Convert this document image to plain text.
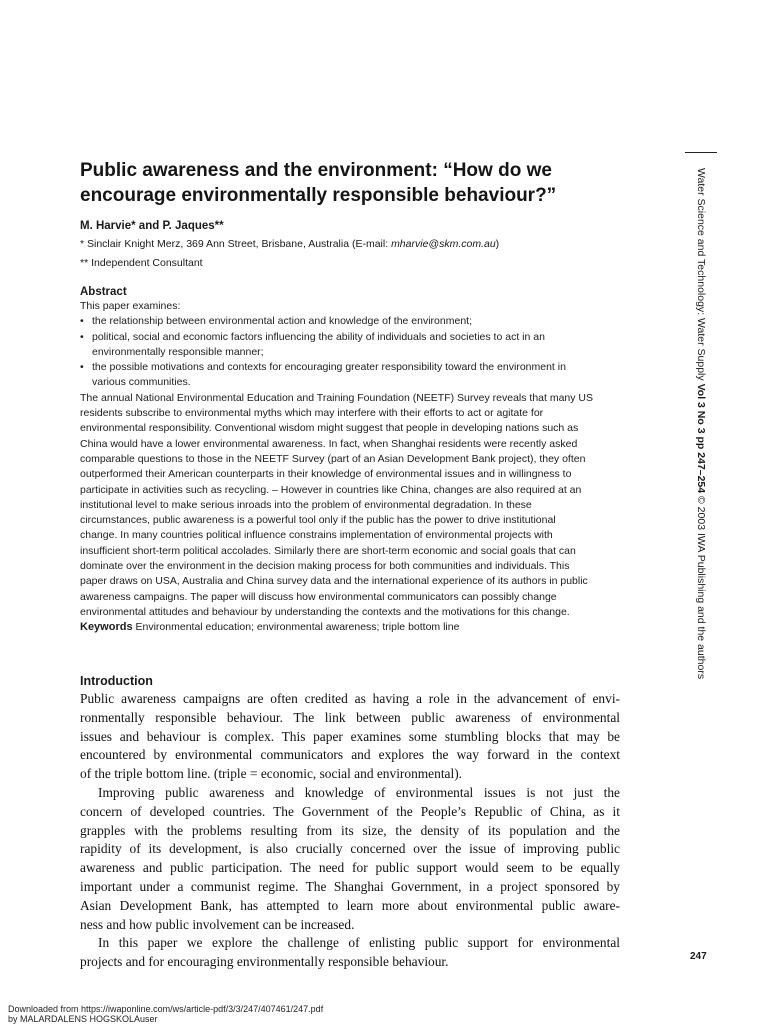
Public awareness and the environment: “How do we
encourage environmentally responsible behaviour?”

M. Harvie* and P. Jaques**

* Sinclair Knight Merz, 369 Ann Street, Brisbane, Australia (E-mail: mharvie@skm.com.au)

** Independent Consultant

Abstract

This paper examines:
• the relationship between environmental action and knowledge of the environment;
• political, social and economic factors influencing the ability of individuals and societies to act in an
environmentally responsible manner;
• the possible motivations and contexts for encouraging greater responsibility toward the environment in
various communities.
The annual National Environmental Education and Training Foundation (NEETF) Survey reveals that many US
residents subscribe to environmental myths which may interfere with their efforts to act or agitate for
environmental responsibility. Conventional wisdom might suggest that people in developing nations such as
China would have a lower environmental awareness. In fact, when Shanghai residents were recently asked
comparable questions to those in the NEETF Survey (part of an Asian Development Bank project), they often
outperformed their American counterparts in their knowledge of environmental issues and in willingness to
participate in activities such as recycling. – However in countries like China, changes are also required at an
institutional level to make serious inroads into the problem of environmental degradation. In these
circumstances, public awareness is a powerful tool only if the public has the power to drive institutional
change. In many countries political influence constrains implementation of environmental projects with
insufficient short-term political accolades. Similarly there are short-term economic and social goals that can
dominate over the environment in the decision making process for both communities and individuals. This
paper draws on USA, Australia and China survey data and the international experience of its authors in public
awareness campaigns. The paper will discuss how environmental communicators can possibly change
environmental attitudes and behaviour by understanding the contexts and the motivations for this change.
Keywords Environmental education; environmental awareness; triple bottom line
Introduction
Public awareness campaigns are often credited as having a role in the advancement of envi-
ronmentally responsible behaviour. The link between public awareness of environmental
issues and behaviour is complex. This paper examines some stumbling blocks that may be
encountered by environmental communicators and explores the way forward in the context
of the triple bottom line. (triple = economic, social and environmental).
Improving public awareness and knowledge of environmental issues is not just the
concern of developed countries. The Government of the People’s Republic of China, as it
grapples with the problems resulting from its size, the density of its population and the
rapidity of its development, is also crucially concerned over the issue of improving public
awareness and public participation. The need for public support would seem to be equally
important under a communist regime. The Shanghai Government, in a project sponsored by
Asian Development Bank, has attempted to learn more about environmental public aware-
ness and how public involvement can be increased.
In this paper we explore the challenge of enlisting public support for environmental
projects and for encouraging environmentally responsible behaviour.
Water Science and Technology: Water Supply Vol 3 No 3 pp 247–254 © 2003 IWA Publishing and the authors

247

Downloaded from https://iwaponline.com/ws/article-pdf/3/3/247/407461/247.pdf
by MALARDALENS HOGSKOLAuser
